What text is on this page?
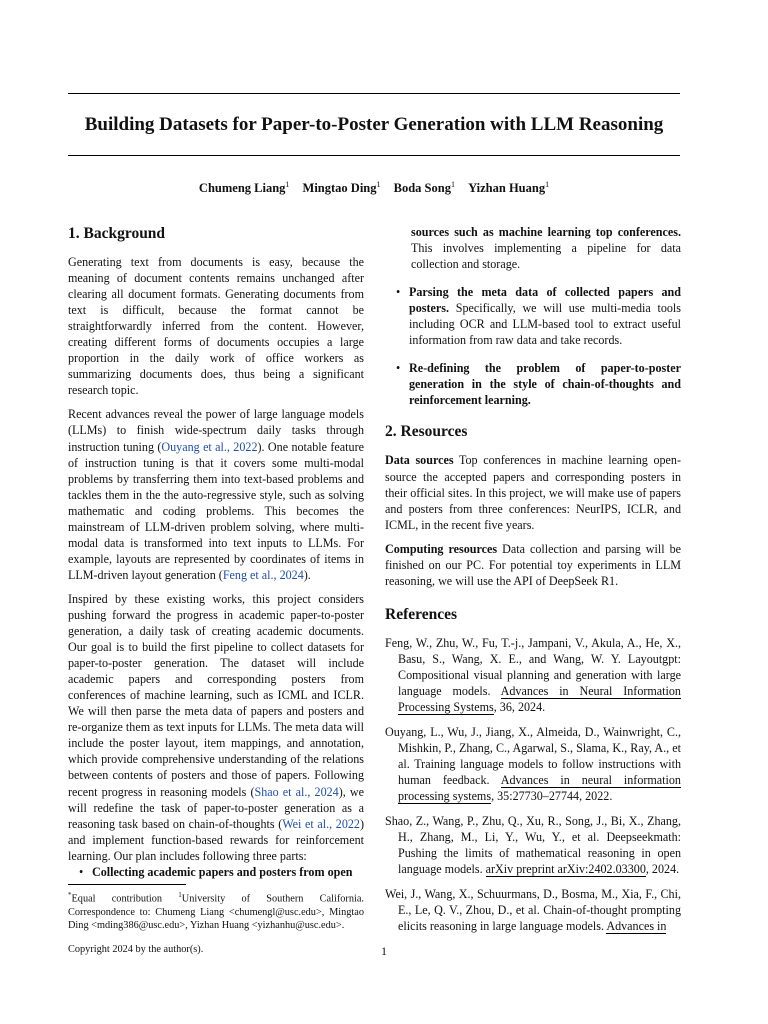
Building Datasets for Paper-to-Poster Generation with LLM Reasoning
Chumeng Liang$^1$ Mingtao Ding$^1$ Boda Song$^1$ Yizhan Huang$^1$
1. Background

Generating text from documents is easy, because the meaning of document contents remains unchanged after clearing all document formats. Generating documents from text is difficult, because the format cannot be straightforwardly inferred from the content. However, creating different forms of documents occupies a large proportion in the daily work of office workers as summarizing documents does, thus being a significant research topic.

Recent advances reveal the power of large language models (LLMs) to finish wide-spectrum daily tasks through instruction tuning (Ouyang et al., 2022). One notable feature of instruction tuning is that it covers some multi-modal problems by transferring them into text-based problems and tackles them in the the auto-regressive style, such as solving mathematic and coding problems. This becomes the mainstream of LLM-driven problem solving, where multi-modal data is transformed into text inputs to LLMs. For example, layouts are represented by coordinates of items in LLM-driven layout generation (Feng et al., 2024).

Inspired by these existing works, this project considers pushing forward the progress in academic paper-to-poster generation, a daily task of creating academic documents. Our goal is to build the first pipeline to collect datasets for paper-to-poster generation. The dataset will include academic papers and corresponding posters from conferences of machine learning, such as ICML and ICLR. We will then parse the meta data of papers and posters and re-organize them as text inputs for LLMs. The meta data will include the poster layout, item mappings, and annotation, which provide comprehensive understanding of the relations between contents of posters and those of papers. Following recent progress in reasoning models (Shao et al., 2024), we will redefine the task of paper-to-poster generation as a reasoning task based on chain-of-thoughts (Wei et al., 2022) and implement function-based rewards for reinforcement learning. Our plan includes following three parts:

• Collecting academic papers and posters from open

*Equal contribution $^1$University of Southern California. Correspondence to: Chumeng Liang <chumengl@usc.edu>, Mingtao Ding <mding386@usc.edu>, Yizhan Huang <yizhanhu@usc.edu>.

Copyright 2024 by the author(s).

sources such as machine learning top conferences. This involves implementing a pipeline for data collection and storage.
• Parsing the meta data of collected papers and posters. Specifically, we will use multi-media tools including OCR and LLM-based tool to extract useful information from raw data and take records.
• Re-defining the problem of paper-to-poster generation in the style of chain-of-thoughts and reinforcement learning.
2. Resources

Data sources Top conferences in machine learning open-source the accepted papers and corresponding posters in their official sites. In this project, we will make use of papers and posters from three conferences: NeurIPS, ICLR, and ICML, in the recent five years.

Computing resources Data collection and parsing will be finished on our PC. For potential toy experiments in LLM reasoning, we will use the API of DeepSeek R1.

References

Feng, W., Zhu, W., Fu, T.-j., Jampani, V., Akula, A., He, X., Basu, S., Wang, X. E., and Wang, W. Y. Layoutgpt: Compositional visual planning and generation with large language models. Advances in Neural Information Processing Systems, 36, 2024.

Ouyang, L., Wu, J., Jiang, X., Almeida, D., Wainwright, C., Mishkin, P., Zhang, C., Agarwal, S., Slama, K., Ray, A., et al. Training language models to follow instructions with human feedback. Advances in neural information processing systems, 35:27730–27744, 2022.

Shao, Z., Wang, P., Zhu, Q., Xu, R., Song, J., Bi, X., Zhang, H., Zhang, M., Li, Y., Wu, Y., et al. Deepseekmath: Pushing the limits of mathematical reasoning in open language models. arXiv preprint arXiv:2402.03300, 2024.

Wei, J., Wang, X., Schuurmans, D., Bosma, M., Xia, F., Chi, E., Le, Q. V., Zhou, D., et al. Chain-of-thought prompting elicits reasoning in large language models. Advances in

1
